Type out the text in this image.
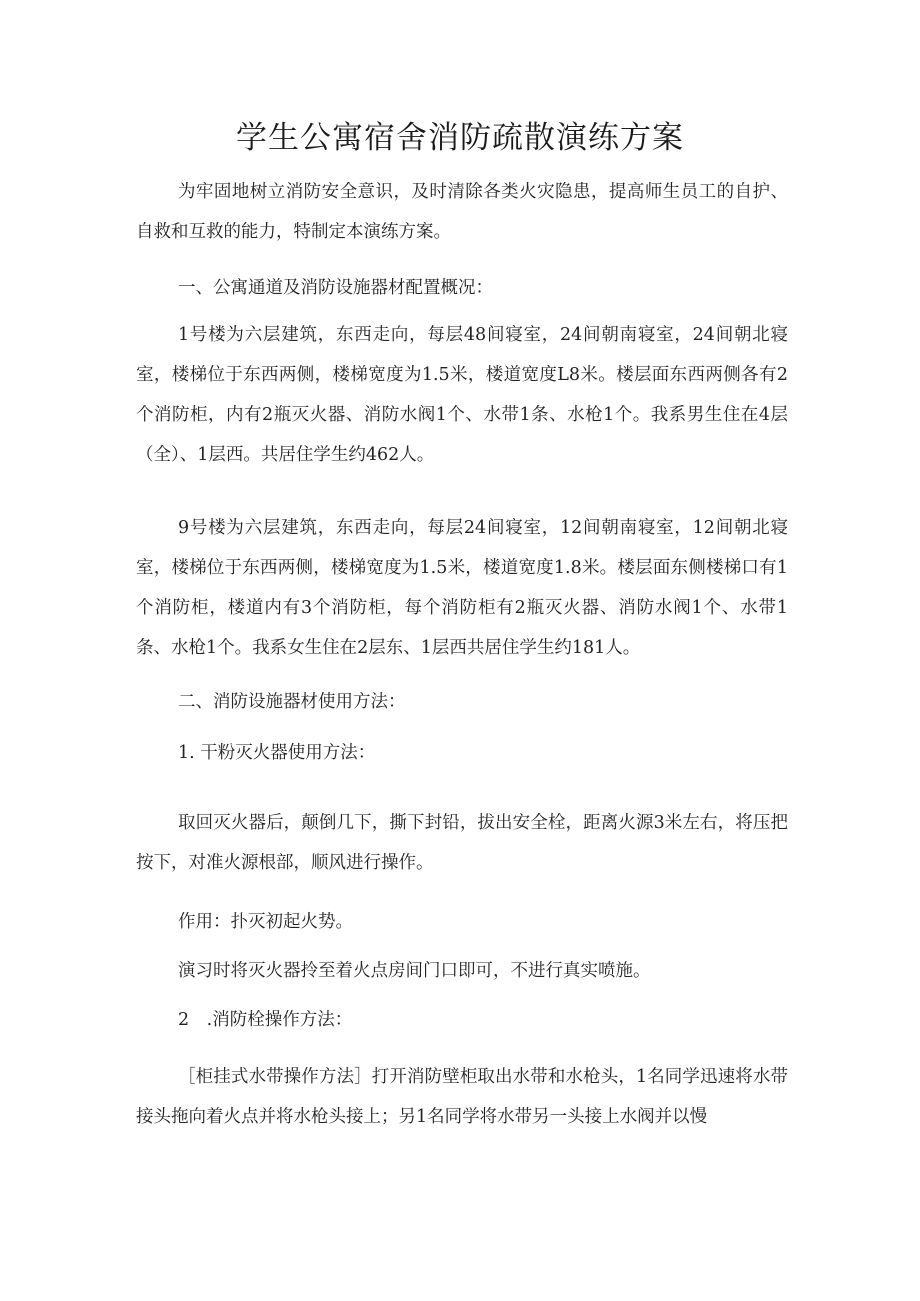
学生公寓宿舍消防疏散演练方案

为牢固地树立消防安全意识，及时清除各类火灾隐患，提高师生员工的自护、自救和互救的能力，特制定本演练方案。

一、公寓通道及消防设施器材配置概况：

1号楼为六层建筑，东西走向，每层48间寝室，24间朝南寝室，24间朝北寝室，楼梯位于东西两侧，楼梯宽度为1.5米，楼道宽度L8米。楼层面东西两侧各有2个消防柜，内有2瓶灭火器、消防水阀1个、水带1条、水枪1个。我系男生住在4层（全）、1层西。共居住学生约462人。

9号楼为六层建筑，东西走向，每层24间寝室，12间朝南寝室，12间朝北寝室，楼梯位于东西两侧，楼梯宽度为1.5米，楼道宽度1.8米。楼层面东侧楼梯口有1个消防柜，楼道内有3个消防柜，每个消防柜有2瓶灭火器、消防水阀1个、水带1条、水枪1个。我系女生住在2层东、1层西共居住学生约181人。

二、消防设施器材使用方法：

1. 干粉灭火器使用方法：

取回灭火器后，颠倒几下，撕下封铅，拔出安全栓，距离火源3米左右，将压把按下，对准火源根部，顺风进行操作。

作用：扑灭初起火势。

演习时将灭火器拎至着火点房间门口即可，不进行真实喷施。

2　.消防栓操作方法：

［柜挂式水带操作方法］打开消防壁柜取出水带和水枪头，1名同学迅速将水带接头拖向着火点并将水枪头接上；另1名同学将水带另一头接上水阀并以慢
